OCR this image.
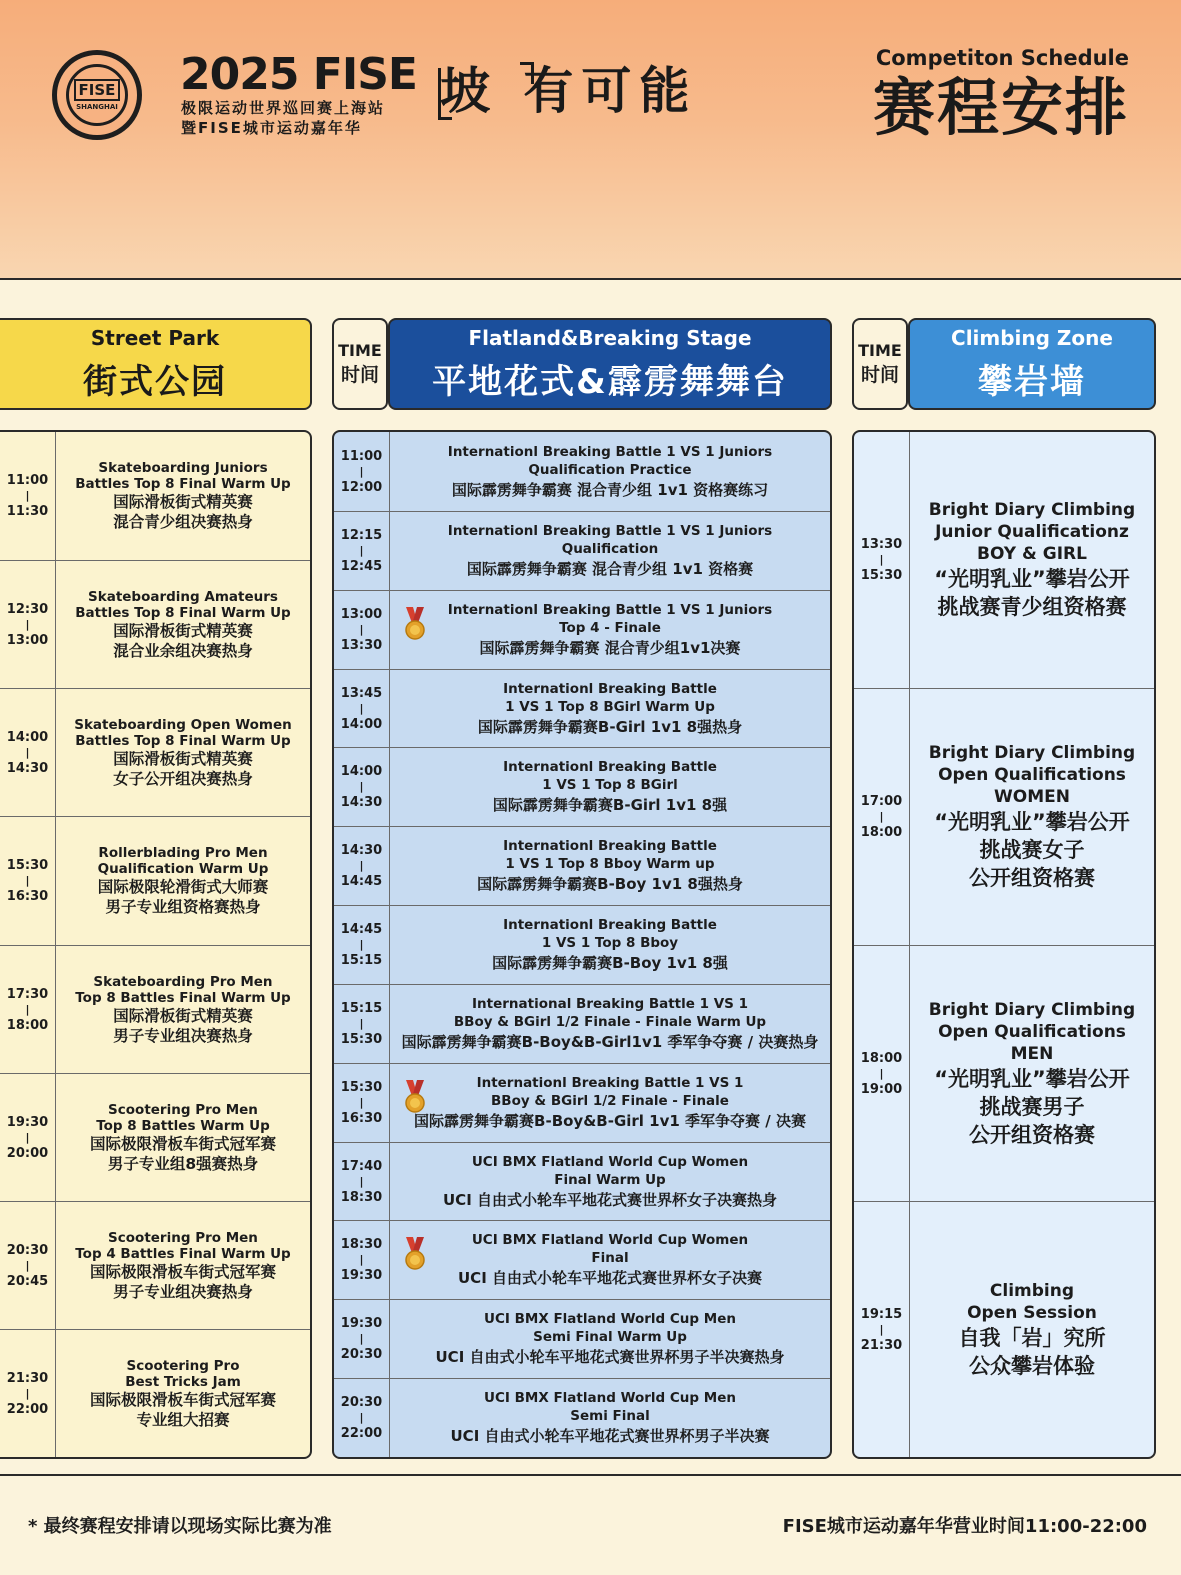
FISE
SHANGHAI
2025 FISE
极限运动世界巡回赛上海站
暨FISE城市运动嘉年华
坡 有可能
Competiton Schedule
赛程安排
Street Park
街式公园
TIME
时间
Flatland&Breaking Stage
平地花式&霹雳舞舞台
TIME
时间
Climbing Zone
攀岩墙
11:00
|
11:30
Skateboarding Juniors
Battles Top 8 Final Warm Up
国际滑板街式精英赛
混合青少组决赛热身
12:30
|
13:00
Skateboarding Amateurs
Battles Top 8 Final Warm Up
国际滑板街式精英赛
混合业余组决赛热身
14:00
|
14:30
Skateboarding Open Women
Battles Top 8 Final Warm Up
国际滑板街式精英赛
女子公开组决赛热身
15:30
|
16:30
Rollerblading Pro Men
Qualification Warm Up
国际极限轮滑街式大师赛
男子专业组资格赛热身
17:30
|
18:00
Skateboarding Pro Men
Top 8 Battles Final Warm Up
国际滑板街式精英赛
男子专业组决赛热身
19:30
|
20:00
Scootering Pro Men
Top 8 Battles Warm Up
国际极限滑板车街式冠军赛
男子专业组8强赛热身
20:30
|
20:45
Scootering Pro Men
Top 4 Battles Final Warm Up
国际极限滑板车街式冠军赛
男子专业组决赛热身
21:30
|
22:00
Scootering Pro
Best Tricks Jam
国际极限滑板车街式冠军赛
专业组大招赛
11:00
|
12:00
Internationl Breaking Battle 1 VS 1 Juniors
Qualification Practice
国际霹雳舞争霸赛 混合青少组 1v1 资格赛练习
12:15
|
12:45
Internationl Breaking Battle 1 VS 1 Juniors
Qualification
国际霹雳舞争霸赛 混合青少组 1v1 资格赛
13:00
|
13:30
Internationl Breaking Battle 1 VS 1 Juniors
Top 4 - Finale
国际霹雳舞争霸赛 混合青少组1v1决赛
13:45
|
14:00
Internationl Breaking Battle
1 VS 1 Top 8 BGirl Warm Up
国际霹雳舞争霸赛B-Girl 1v1 8强热身
14:00
|
14:30
Internationl Breaking Battle
1 VS 1 Top 8 BGirl
国际霹雳舞争霸赛B-Girl 1v1 8强
14:30
|
14:45
Internationl Breaking Battle
1 VS 1 Top 8 Bboy Warm up
国际霹雳舞争霸赛B-Boy 1v1 8强热身
14:45
|
15:15
Internationl Breaking Battle
1 VS 1 Top 8 Bboy
国际霹雳舞争霸赛B-Boy 1v1 8强
15:15
|
15:30
International Breaking Battle 1 VS 1
BBoy & BGirl 1/2 Finale - Finale Warm Up
国际霹雳舞争霸赛B-Boy&B-Girl1v1 季军争夺赛 / 决赛热身
15:30
|
16:30
Internationl Breaking Battle 1 VS 1
BBoy & BGirl 1/2 Finale - Finale
国际霹雳舞争霸赛B-Boy&B-Girl 1v1 季军争夺赛 / 决赛
17:40
|
18:30
UCI BMX Flatland World Cup Women
Final Warm Up
UCI 自由式小轮车平地花式赛世界杯女子决赛热身
18:30
|
19:30
UCI BMX Flatland World Cup Women
Final
UCI 自由式小轮车平地花式赛世界杯女子决赛
19:30
|
20:30
UCI BMX Flatland World Cup Men
Semi Final Warm Up
UCI 自由式小轮车平地花式赛世界杯男子半决赛热身
20:30
|
22:00
UCI BMX Flatland World Cup Men
Semi Final
UCI 自由式小轮车平地花式赛世界杯男子半决赛
13:30
|
15:30
Bright Diary Climbing
Junior Qualificationz
BOY & GIRL
“光明乳业”攀岩公开
挑战赛青少组资格赛
17:00
|
18:00
Bright Diary Climbing
Open Qualifications
WOMEN
“光明乳业”攀岩公开
挑战赛女子
公开组资格赛
18:00
|
19:00
Bright Diary Climbing
Open Qualifications
MEN
“光明乳业”攀岩公开
挑战赛男子
公开组资格赛
19:15
|
21:30
Climbing
Open Session
自我「岩」究所
公众攀岩体验
* 最终赛程安排请以现场实际比赛为准	FISE城市运动嘉年华营业时间11:00-22:00
